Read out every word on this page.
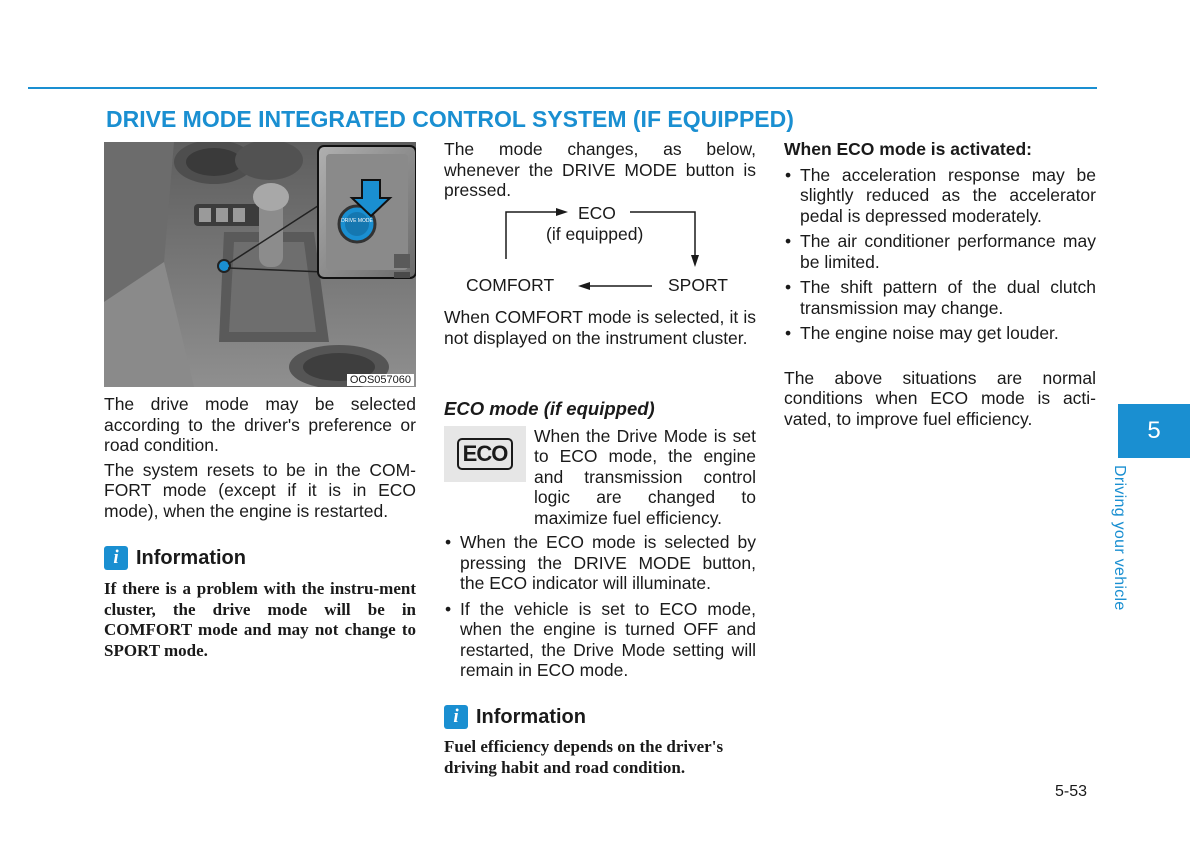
DRIVE MODE INTEGRATED CONTROL SYSTEM (IF EQUIPPED)
DRIVE MODE
OOS057060

The drive mode may be selected according to the driver's preference or road condition.

The system resets to be in the COM-FORT mode (except if it is in ECO mode), when the engine is restarted.

i Information

If there is a problem with the instru-ment cluster, the drive mode will be in COMFORT mode and may not change to SPORT mode.

The mode changes, as below, whenever the DRIVE MODE button is pressed.

ECO
(if equipped)
COMFORT	SPORT

When COMFORT mode is selected, it is not displayed on the instrument cluster.

ECO mode (if equipped)

ECO

When the Drive Mode is set to ECO mode, the engine and transmission control logic are changed to maximize fuel efficiency.

• When the ECO mode is selected by pressing the DRIVE MODE button, the ECO indicator will illuminate.
• If the vehicle is set to ECO mode, when the engine is turned OFF and restarted, the Drive Mode setting will remain in ECO mode.
i Information

Fuel efficiency depends on the driver's driving habit and road condition.

When ECO mode is activated:

• The acceleration response may be slightly reduced as the accelerator pedal is depressed moderately.
• The air conditioner performance may be limited.
• The shift pattern of the dual clutch transmission may change.
• The engine noise may get louder.

The above situations are normal conditions when ECO mode is acti-vated, to improve fuel efficiency.	5
Driving your vehicle
5-53
